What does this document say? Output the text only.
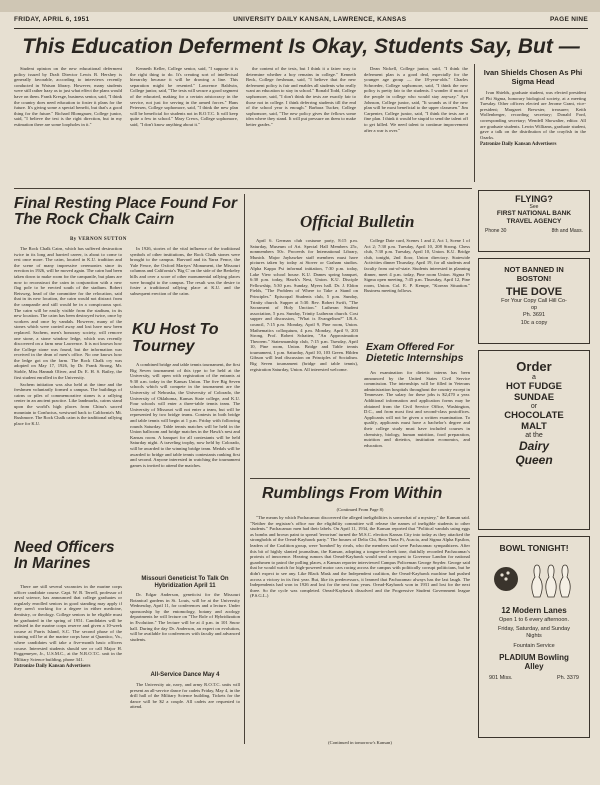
FRIDAY, APRIL 6, 1951	UNIVERSITY DAILY KANSAN, LAWRENCE, KANSAS	PAGE NINE
This Education Deferment Is Okay, Students Say, But —

Student opinion on the new educational deferment policy issued by Draft Director Lewis B. Hershey is generally favorable, according to interviews recently conducted in Watson library. However, many students were still rather hazy as to just what effect the plans would have on them. Frank Kresge, business senior, said, "I think the country does need education to foster it plans for the future. It's giving some a special benefit, but that's a good thing for the future." Richard Blomgauer, College junior, said, "I believe the test is the right direction, but in my estimation there are some loopholes in it."

Kenneth Keller, College senior, said, "I suppose it is the right thing to do. It's creating sort of intellectual hierarchy because it will be drawing a line. This separation might be resented." Lawrence Baldwin, College junior, said, "The tests will secure a good segment of the educated, making for a certain aristocracy in the service, not just for serving in the armed forces." Hans Petersen, College sophomore, said, "I think the new plan will be beneficial for students not in R.O.T.C. It will keep quite a few in school." Mary Crews, College sophomore, said, "I don't know anything about it."

the content of the tests, but I think it a fairer way to determine whether a boy remains in college." Kenneth Beck, College freshman, said, "I believe that the new deferment policy is fair and enables all students who really want an education to stay in school." Ronald Todd, College sophomore, said, "I don't think the tests are exactly fair to those not in college. I think deferring students till the end of the school year is enough." Barbara Tucker, College sophomore, said, "The new policy gives the fellows some idea where they stand. It will put pressure on them to make better grades."

Dean Nickell, College junior, said, "I think the deferment plan is a good deal, especially for the younger age group — the 18-year-olds." Charles Schroeder, College sophomore, said, "I think the new policy is pretty fair to the students. I wonder if most of the people in college who would stay anyway." Ayn Johnson, College junior, said, "It sounds as if the new plan will be most beneficial to the upper classmen." Jim Carpenter, College junior, said, "I think the tests are a fine plan. I think it would be stupid to send the talent off to get killed. We need talent to continue improvement after a war is over."

Ivan Shields Chosen As Phi Sigma Head

Ivan Shields, graduate student, was elected president of Phi Sigma, honorary biological society, at a meeting Tuesday. Other officers elected are Jerome Grant, vice-president; Margaret Brewster, treasurer; Keith Wollenberger, recording secretary; Donald Ford, corresponding secretary; Wendell Showalter, editor. All are graduate students. Lewin Williams, graduate student, gave a talk on the distribution of the crayfish in the Ozarks.

Patronize Daily Kansan Advertisers
Final Resting Place Found For The Rock Chalk Cairn
By VERNON SUTTON

The Rock Chalk Cairn, which has suffered destruction twice in its long and harried career, is about to come to rest once more. The cairn, located in K.U. tradition and the scene of many impressive ceremonies since its erection in 1926, will be moved again. The cairn had been taken down to make room for the campanile, but plans are now to reconstruct the cairn in conjunction with a new flag pole to be erected south of the stadium. Robert Reisweg, head of the committee for the relocation, said that in its new location, the cairn would not distract from the campanile and still would be in a conspicuous spot. The cairn will be easily visible from the stadium, in its new location. The cairn has been destroyed twice, once by workers and once by vandals. However, many of the stones which were carried away and lost have now been replaced. Sachem, men's honorary society, will remove one stone, a stone window ledge, which was recently discovered on a farm near Lawrence. It is not known how the College stone was found, but the information was received in the dean of men's office. No one knows how the ledge got on the farm. The Rock Chalk cry was adopted on May 17, 1926, by Dr. Frank Strong, Mr. Stoble, Miss Hannah Oliver, and Dr. E. H. S. Bailey, the first student enrolled in the University.

Sachem initiation was also held at the time and the freshmen voluntarily formed a campus. The buildings of cairns or piles of commemorative stones is a rallying center in an ancient practice. Like landmarks, cairns stand upon the world's high places from China's sacred mountain to Confucius, westward back to California's Mt. Rushmore. The Rock Chalk cairn is the traditional rallying place for K.U.

In 1926, stories of the vital influence of the traditional symbols of other institutions, the Rock Chalk stones were brought to the campus. Harvard and its Yarra Fence, the Yale Fence, the Oxford Martyrs' Monument, the Missouri columns and California's 'Big C' on the side of the Berkeley hills and over a score of other monumental rallying places were brought to the campus. The result was the desire to foster a traditional rallying place at K.U. and the subsequent erection of the cairn.

KU Host To Tourney

A combined bridge and table tennis tournament, the first Big Seven tournament of this type to be held at the University, will open with registration of the entrants at 9:30 a.m. today in the Kansas Union. The five Big Seven schools which will compete in the tournament are the University of Nebraska, the University of Colorado, the University of Oklahoma, Kansas State college, and K.U. Four schools will enter a three-table tennis team. The University of Missouri will not enter a team, but will be represented by two bridge teams. Contests in both bridge and table tennis will begin at 1 p.m. Friday with following rounds Saturday. Table tennis matches will be held in the Union ballroom and bridge matches in the Hawk's nest and Kansas room. A banquet for all contestants will be held Saturday night. A traveling trophy, now held by Colorado, will be awarded to the winning bridge team. Medals will be awarded to bridge and table tennis contestants ranking first and second. Anyone interested in watching the tournament games is invited to attend the matches.

Missouri Geneticist To Talk On Hybridization April 11

Dr. Edgar Anderson, geneticist for the Missouri Botanical gardens in St. Louis, will be at the University Wednesday, April 11, for conferences and a lecture. Under sponsorship by the entomology, botany and zoology departments he will lecture on "The Role of Hybridization in Evolution." The lecture will be at 4 p.m. in 101 Snow hall. During the day Dr. Anderson, an expert on evolution, will be available for conferences with faculty and advanced students.

All-Service Dance May 4

The University air, navy, and army R.O.T.C. units will present an all-service dance for cadets Friday, May 4, in the drill hall of the Military Science building. Tickets for the dance will be $2 a couple. All cadets are requested to attend.

Need Officers In Marines

There are still several vacancies in the marine corps officer candidate course. Capt. W. B. Terrell, professor of naval science, has announced that college graduates or regularly enrolled seniors in good standing may apply if they aren't working for a degree in either medicine, dentistry, or theology. College seniors to be eligible must be graduated in the spring of 1951. Candidates will be enlisted in the marine corps reserve and given a 10-week course at Parris Island, S.C. The second phase of the training will be at the marine corps base at Quantico, Va., where candidates will take a five-month basic officers course. Interested students should see or call Major H. Poggemeyer, Jr., U.S.M.C., at the N.R.O.T.C. unit in the Military Science building, phone 341.

Patronize Daily Kansan Advertisers
Official Bulletin

April 6. German club costume party, 8:15 p.m. Saturday, Museum of Art. Special Hall Members 25c, nonmembers 50c. Proceeds for International Library, Munich. Major Jayhawker staff members must have pictures taken by today at Stover or Graham studios. Alpha Kappa Psi informal initiation, 7:30 p.m. today, Lake View school house. K.U. Dames spring banquet, 6:30 p.m. today, Hawk's Nest, Union. K.U. Disciple Fellowship, 5:30 p.m. Sunday, Myers hall. Dr. J. Eldon Fields, "The Problem of Where to Take a Stand on Principles." Episcopal Students club, 5 p.m. Sunday, Trinity church. Supper at 5:30. Rev. Robert Swift, "The Sacrament of Holy Unction." Lutheran Student association, 5 p.m. Sunday, Trinity Lutheran church. Cost supper and discussion, "What is Evangelism?" I.R.A. council, 7:15 p.m. Monday, April 9, Pine room, Union. Mathematics colloquium, 4 p.m. Monday, April 9, 203 Strong. Prof. Robert Schatten, "An Approximation Theorem." Statesmanship club, 7:15 p.m. Tuesday, April 10, Pine room, Union. Bridge and Table tennis tournament, 1 p.m. Saturday, April 10, 103 Green. Hilden Gibson will lead discussion on Principles of Socialism. Big Seven tournament (bridge and table tennis), registration Saturday, Union. All interested welcome.

College Date card, Scenes 1 and 2, Act 1, Scene 1 of Act 2; 7:30 p.m. Tuesday, April 10, 208 Strong. Chess club, 7:30 p.m. Tuesday, April 10, Union. K.U. Bridge club, tonight, 2nd floor, Union directory. Statewide Activities dinner Thursday, April 19, for all students and faculty from out-of-state. Students interested in planning dinner, meet 4 p.m. today, Pine room Union. Sigma Pi Sigma open meeting, 7:45 p.m. Thursday, April 12, Pine room, Union. Col. E. P. Kempe, "Korean Situation." Business meeting follows.

Exam Offered For Dietetic Internships

An examination for dietetic interns has been announced by the United States Civil Service commission. The internships will be filled in Veterans administration hospitals throughout the country except in Tennessee. The salary for these jobs is $2,470 a year. Additional information and application forms may be obtained from the Civil Service Office, Washington, D.C., and from most first and second-class postoffices. Applicants will not be given a written examination. To qualify, applicants must have a bachelor's degree and their college study must have included courses in chemistry, biology, human nutrition, food preparation, nutrition and dietetics, institution economics, and education.

Rumblings From Within
(Continued From Page 8)

"The means by which Pachacamac discovered the alleged ineligibilities is somewhat of a mystery," the Kansan said. "Neither the registrar's office nor the eligibility committee will release the names of ineligible students to other students." Pachacamac men had their labels. On April 11, 1934, the Kansan reported that "Political vandals using eggs as bombs and brown paint to spread 'terrorism' turned the M.S.C. election Kansas City into today as they attacked the strongholds of the Oread-Kayhawk party." The houses of Delta Chi, Beta Theta Pi, Acacia, and Sigma Alpha Epsilon, leaders of the Coalition group, were 'bombed' by rivals, who the members said were Pachacamac sympathizers. After this bit of highly slanted journalism, the Kansan, adopting a tongue-in-cheek tone, dutifully recorded Pachacamac's protests of innocence. Hearing rumors that Oread-Kayhawk would send a request to Governor Landon for national guardsmen to patrol the polling places, a Kansan reporter interviewed Campus Policeman George Snyder. George said that he would watch for high-powered motor cars racing across the campus with politically corrupt politicians, but he didn't expect to see any. Like Black Mask and the Independent coalition, the Oread-Kayhawk machine had pushed across a victory in its first year. But, like its predecessors, it learned that Pachacamac always has the last laugh. The Independents had won in 1926 and lost for the next four years. Oread-Kayhawk won in 1931 and lost for the next three. So the cycle was completed. Oread-Kayhawk dissolved and the Progressive Student Government league (P.S.G.L.)

(Continued in tomorrow's Kansan)
FLYING?
See
FIRST NATIONAL BANK TRAVEL AGENCY
Phone 30	8th and Mass.
NOT BANNED IN BOSTON!
THE DOVE
For Your Copy Call Hill Co-op
Ph. 3691
10c a copy
Order
a
HOT FUDGE
SUNDAE
or
CHOCOLATE
MALT
at the
Dairy
Queen
BOWL TONIGHT!
12 Modern Lanes
Open 1 to 6 every afternoon.
Friday, Saturday, and Sunday Nights
Fountain Service
PLADIUM Bowling Alley
901 Miss.	Ph. 3379
